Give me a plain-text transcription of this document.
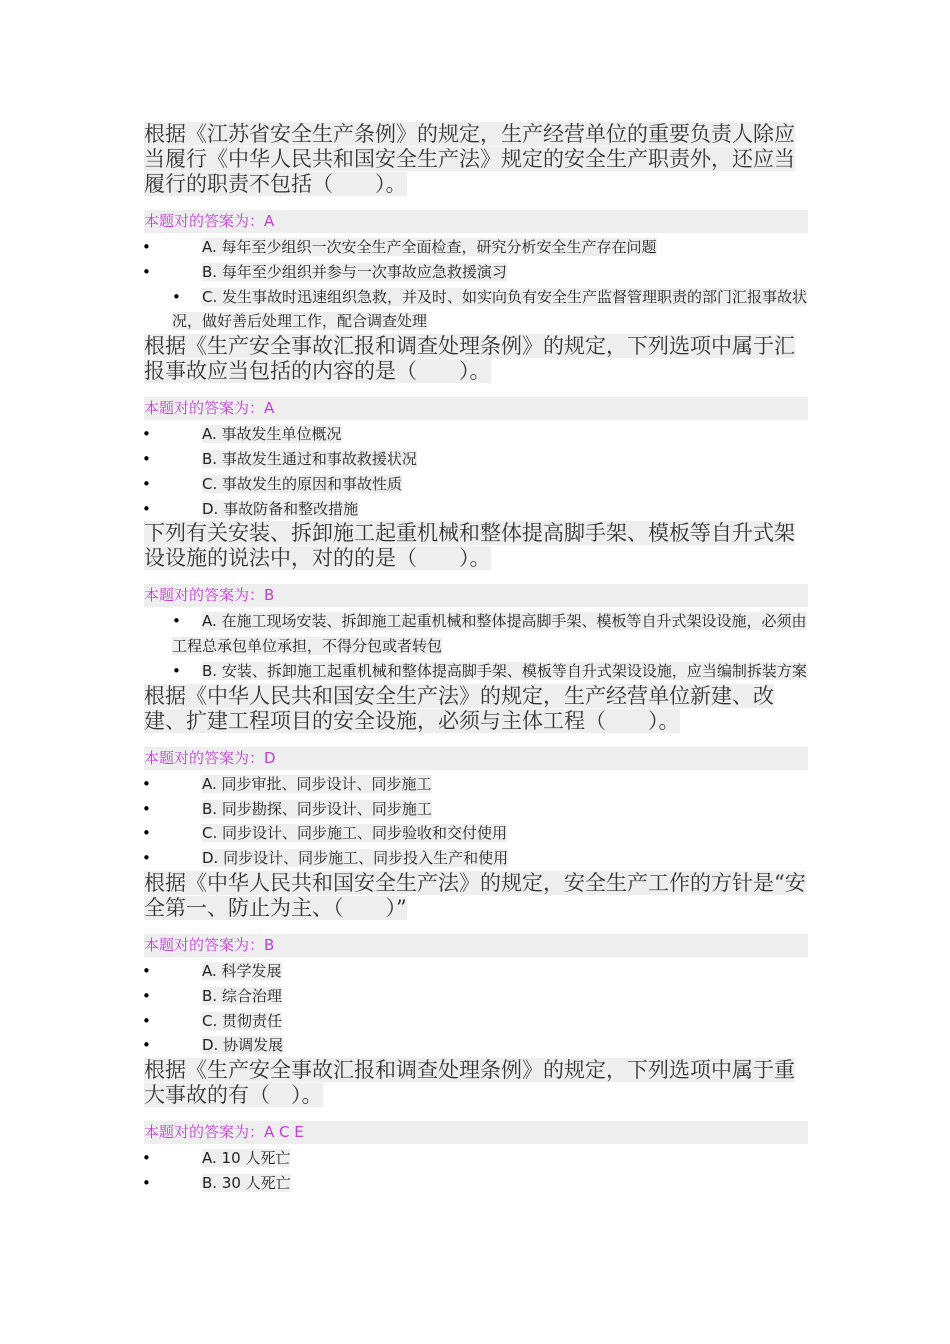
根据《江苏省安全生产条例》的规定，生产经营单位的重要负责人除应当履行《中华人民共和国安全生产法》规定的安全生产职责外，还应当履行的职责不包括（　　）。
本题对的答案为：A
• A. 每年至少组织一次安全生产全面检查，研究分析安全生产存在问题
• B. 每年至少组织并参与一次事故应急救援演习
• C. 发生事故时迅速组织急救，并及时、如实向负有安全生产监督管理职责的部门汇报事故状况，做好善后处理工作，配合调查处理
根据《生产安全事故汇报和调查处理条例》的规定，下列选项中属于汇报事故应当包括的内容的是（　　）。
本题对的答案为：A
• A. 事故发生单位概况
• B. 事故发生通过和事故救援状况
• C. 事故发生的原因和事故性质
• D. 事故防备和整改措施
下列有关安装、拆卸施工起重机械和整体提高脚手架、模板等自升式架设设施的说法中，对的的是（　　）。
本题对的答案为：B
• A. 在施工现场安装、拆卸施工起重机械和整体提高脚手架、模板等自升式架设设施，必须由工程总承包单位承担，不得分包或者转包
• B. 安装、拆卸施工起重机械和整体提高脚手架、模板等自升式架设设施，应当编制拆装方案
根据《中华人民共和国安全生产法》的规定，生产经营单位新建、改建、扩建工程项目的安全设施，必须与主体工程（　　）。
本题对的答案为：D
• A. 同步审批、同步设计、同步施工
• B. 同步勘探、同步设计、同步施工
• C. 同步设计、同步施工、同步验收和交付使用
• D. 同步设计、同步施工、同步投入生产和使用
根据《中华人民共和国安全生产法》的规定，安全生产工作的方针是“安全第一、防止为主、（　　）”
本题对的答案为：B
• A. 科学发展
• B. 综合治理
• C. 贯彻责任
• D. 协调发展
根据《生产安全事故汇报和调查处理条例》的规定，下列选项中属于重大事故的有（　）。
本题对的答案为：A C E
• A. 10 人死亡
• B. 30 人死亡
